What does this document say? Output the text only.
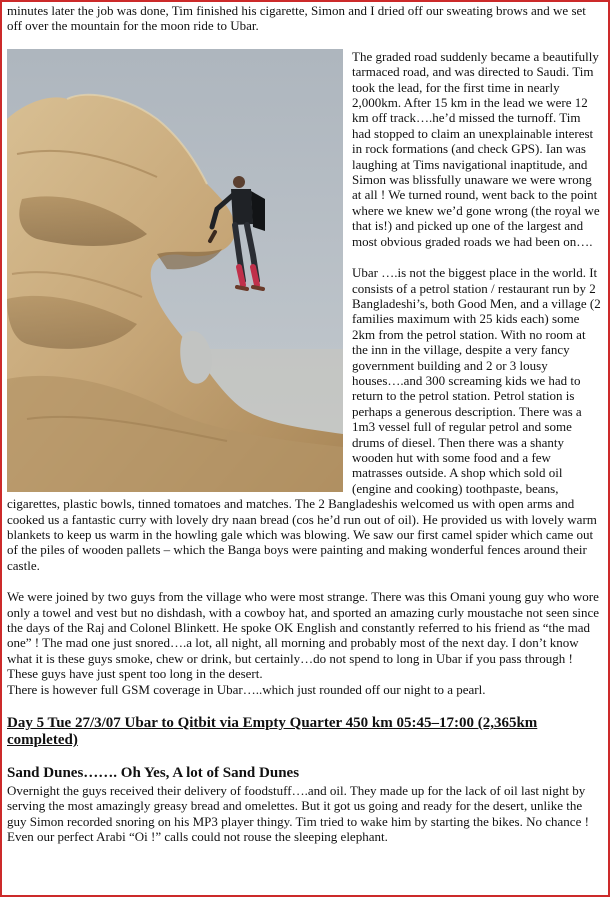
minutes later the job was done, Tim finished his cigarette, Simon and I dried off our sweating brows and we set off over the mountain for the moon ride to Ubar.

The graded road suddenly became a beautifully tarmaced road, and was directed to Saudi. Tim took the lead, for the first time in nearly 2,000km. After 15 km in the lead we were 12 km off track….he’d missed the turnoff. Tim had stopped to claim an unexplainable interest in rock formations (and check GPS). Ian was laughing at Tims navigational inaptitude, and Simon was blissfully unaware we were wrong at all ! We turned round, went back to the point where we knew we’d gone wrong (the royal we that is!) and picked up one of the largest and most obvious graded roads we had been on….

Ubar ….is not the biggest place in the world. It consists of a petrol station / restaurant run by 2 Bangladeshi’s, both Good Men, and a village (2 families maximum with 25 kids each) some 2km from the petrol station. With no room at the inn in the village, despite a very fancy government building and 2 or 3 lousy houses….and 300 screaming kids we had to return to the petrol station. Petrol station is perhaps a generous description. There was a 1m3 vessel full of regular petrol and some drums of diesel. Then there was a shanty wooden hut with some food and a few matrasses outside. A shop which sold oil (engine and cooking) toothpaste, beans, cigarettes, plastic bowls, tinned tomatoes and matches. The 2 Bangladeshis welcomed us with open arms and cooked us a fantastic curry with lovely dry naan bread (cos he’d run out of oil). He provided us with lovely warm blankets to keep us warm in the howling gale which was blowing. We saw our first camel spider which came out of the piles of wooden pallets – which the Banga boys were painting and making wonderful fences around their castle.

We were joined by two guys from the village who were most strange. There was this Omani young guy who wore only a towel and vest but no dishdash, with a cowboy hat, and sported an amazing curly moustache not seen since the days of the Raj and Colonel Blinkett. He spoke OK English and constantly referred to his friend as “the mad one” ! The mad one just snored….a lot, all night, all morning and probably most of the next day. I don’t know what it is these guys smoke, chew or drink, but certainly…do not spend to long in Ubar if you pass through ! These guys have just spent too long in the desert.

There is however full GSM coverage in Ubar…..which just rounded off our night to a pearl.

Day 5 Tue 27/3/07 Ubar to Qitbit via Empty Quarter 450 km 05:45–17:00 (2,365km completed)
Sand Dunes……. Oh Yes, A lot of Sand Dunes

Overnight the guys received their delivery of foodstuff….and oil. They made up for the lack of oil last night by serving the most amazingly greasy bread and omelettes. But it got us going and ready for the desert, unlike the guy Simon recorded snoring on his MP3 player thingy. Tim tried to wake him by starting the bikes. No chance ! Even our perfect Arabi “Oi !” calls could not rouse the sleeping elephant.
